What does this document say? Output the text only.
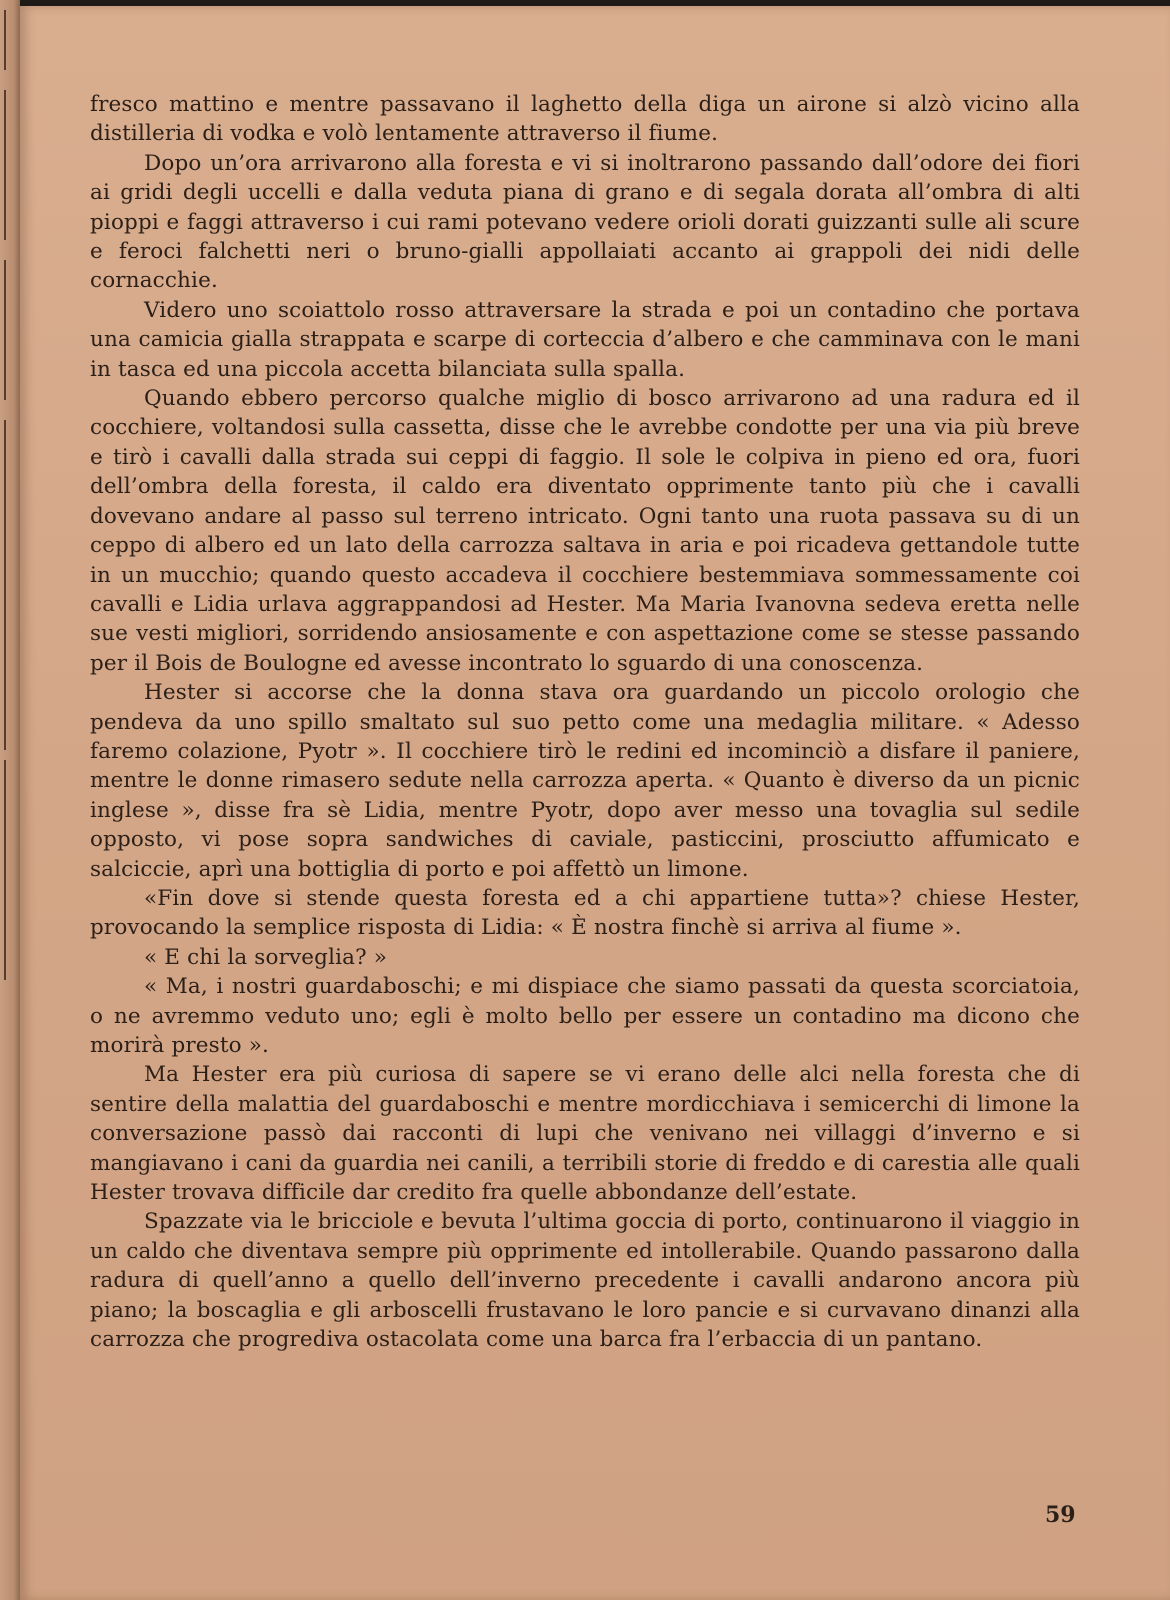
fresco mattino e mentre passavano il laghetto della diga un airone si alzò vicino alla distilleria di vodka e volò lentamente attraverso il fiume.

Dopo un’ora arrivarono alla foresta e vi si inoltrarono passando dall’odore dei fiori ai gridi degli uccelli e dalla veduta piana di grano e di segala dorata all’ombra di alti pioppi e faggi attraverso i cui rami potevano vedere orioli dorati guizzanti sulle ali scure e feroci falchetti neri o bruno-gialli appollaiati accanto ai grappoli dei nidi delle cornacchie.

Videro uno scoiattolo rosso attraversare la strada e poi un contadino che portava una camicia gialla strappata e scarpe di corteccia d’albero e che camminava con le mani in tasca ed una piccola accetta bilanciata sulla spalla.

Quando ebbero percorso qualche miglio di bosco arrivarono ad una radura ed il cocchiere, voltandosi sulla cassetta, disse che le avrebbe condotte per una via più breve e tirò i cavalli dalla strada sui ceppi di faggio. Il sole le colpiva in pieno ed ora, fuori dell’ombra della foresta, il caldo era diventato opprimente tanto più che i cavalli dovevano andare al passo sul terreno intricato. Ogni tanto una ruota passava su di un ceppo di albero ed un lato della carrozza saltava in aria e poi ricadeva gettandole tutte in un mucchio; quando questo accadeva il cocchiere bestemmiava sommessamente coi cavalli e Lidia urlava aggrappandosi ad Hester. Ma Maria Ivanovna sedeva eretta nelle sue vesti migliori, sorridendo ansiosamente e con aspettazione come se stesse passando per il Bois de Boulogne ed avesse incontrato lo sguardo di una conoscenza.

Hester si accorse che la donna stava ora guardando un piccolo orologio che pendeva da uno spillo smaltato sul suo petto come una medaglia militare. « Adesso faremo colazione, Pyotr ». Il cocchiere tirò le redini ed incominciò a disfare il paniere, mentre le donne rimasero sedute nella carrozza aperta. « Quanto è diverso da un picnic inglese », disse fra sè Lidia, mentre Pyotr, dopo aver messo una tovaglia sul sedile opposto, vi pose sopra sandwiches di caviale, pasticcini, prosciutto affumicato e salciccie, aprì una bottiglia di porto e poi affettò un limone.

«Fin dove si stende questa foresta ed a chi appartiene tutta»? chiese Hester, provocando la semplice risposta di Lidia: « È nostra finchè si arriva al fiume ».

« E chi la sorveglia? »

« Ma, i nostri guardaboschi; e mi dispiace che siamo passati da questa scorciatoia, o ne avremmo veduto uno; egli è molto bello per essere un contadino ma dicono che morirà presto ».

Ma Hester era più curiosa di sapere se vi erano delle alci nella foresta che di sentire della malattia del guardaboschi e mentre mordicchiava i semicerchi di limone la conversazione passò dai racconti di lupi che venivano nei villaggi d’inverno e si mangiavano i cani da guardia nei canili, a terribili storie di freddo e di carestia alle quali Hester trovava difficile dar credito fra quelle abbondanze dell’estate.

Spazzate via le bricciole e bevuta l’ultima goccia di porto, continuarono il viaggio in un caldo che diventava sempre più opprimente ed intollerabile. Quando passarono dalla radura di quell’anno a quello dell’inverno precedente i cavalli andarono ancora più piano; la boscaglia e gli arboscelli frustavano le loro pancie e si curvavano dinanzi alla carrozza che progrediva ostacolata come una barca fra l’erbaccia di un pantano.

59
